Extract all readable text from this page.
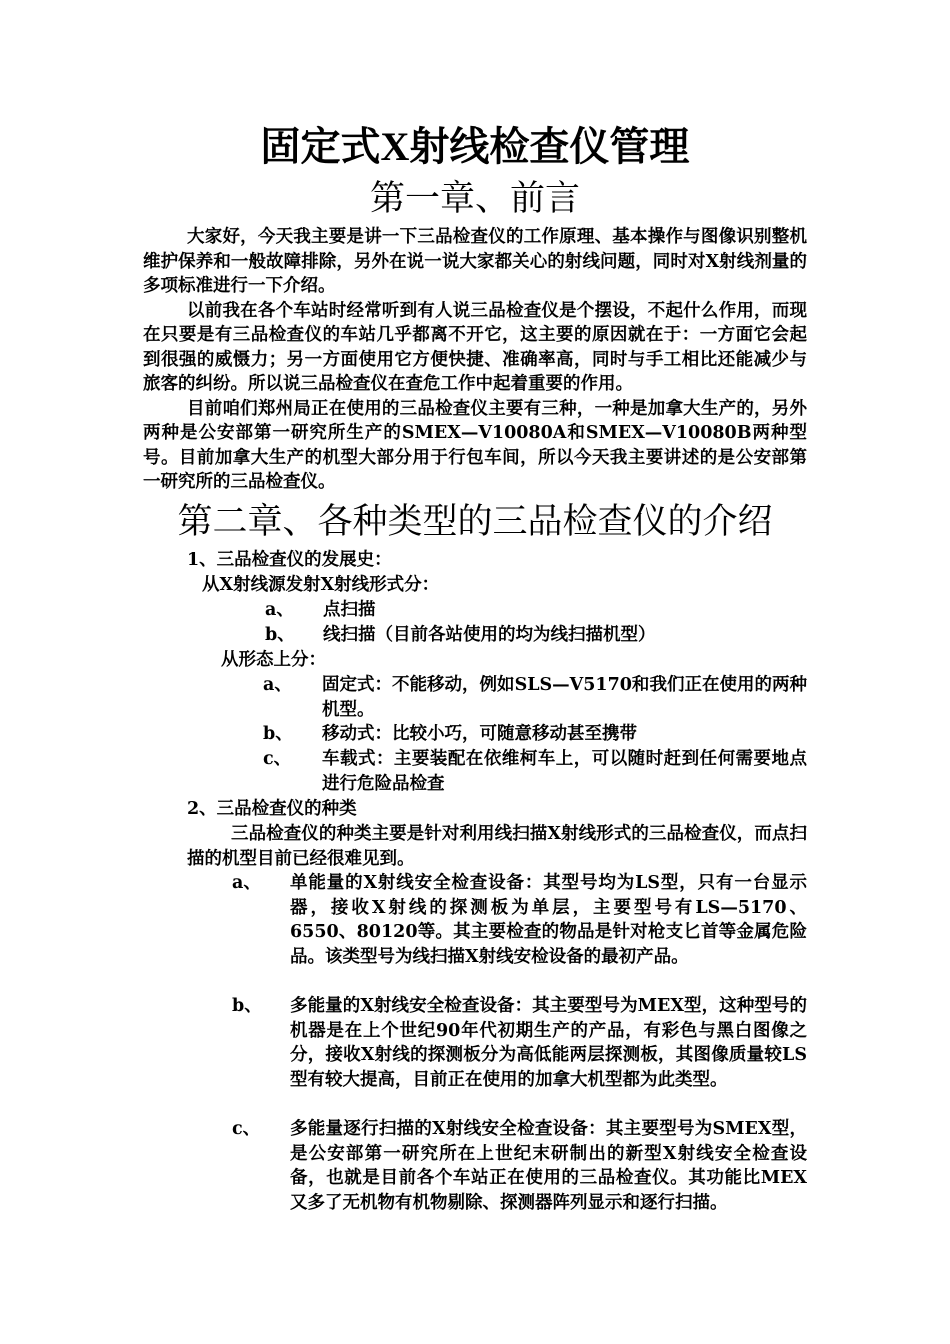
固定式X射线检查仪管理
第一章、前言

大家好，今天我主要是讲一下三品检查仪的工作原理、基本操作与图像识别整机维护保养和一般故障排除，另外在说一说大家都关心的射线问题，同时对X射线剂量的多项标准进行一下介绍。

以前我在各个车站时经常听到有人说三品检查仪是个摆设，不起什么作用，而现在只要是有三品检查仪的车站几乎都离不开它，这主要的原因就在于：一方面它会起到很强的威慑力；另一方面使用它方便快捷、准确率高，同时与手工相比还能减少与旅客的纠纷。所以说三品检查仪在查危工作中起着重要的作用。

目前咱们郑州局正在使用的三品检查仪主要有三种，一种是加拿大生产的，另外两种是公安部第一研究所生产的SMEX—V10080A和SMEX—V10080B两种型号。目前加拿大生产的机型大部分用于行包车间，所以今天我主要讲述的是公安部第一研究所的三品检查仪。

第二章、各种类型的三品检查仪的介绍
1、三品检查仪的发展史：
从X射线源发射X射线形式分：
a、 点扫描
b、 线扫描（目前各站使用的均为线扫描机型）
从形态上分：
a、 固定式：不能移动，例如SLS—V5170和我们正在使用的两种机型。
b、 移动式：比较小巧，可随意移动甚至携带
c、 车载式：主要装配在依维柯车上，可以随时赶到任何需要地点进行危险品检查
2、三品检查仪的种类

三品检查仪的种类主要是针对利用线扫描X射线形式的三品检查仪，而点扫描的机型目前已经很难见到。

a、 单能量的X射线安全检查设备：其型号均为LS型，只有一台显示器，接收X射线的探测板为单层，主要型号有LS—5170、6550、80120等。其主要检查的物品是针对枪支匕首等金属危险品。该类型号为线扫描X射线安检设备的最初产品。
b、 多能量的X射线安全检查设备：其主要型号为MEX型，这种型号的机器是在上个世纪90年代初期生产的产品，有彩色与黑白图像之分，接收X射线的探测板分为高低能两层探测板，其图像质量较LS型有较大提高，目前正在使用的加拿大机型都为此类型。
c、 多能量逐行扫描的X射线安全检查设备：其主要型号为SMEX型，是公安部第一研究所在上世纪末研制出的新型X射线安全检查设备，也就是目前各个车站正在使用的三品检查仪。其功能比MEX又多了无机物有机物剔除、探测器阵列显示和逐行扫描。
